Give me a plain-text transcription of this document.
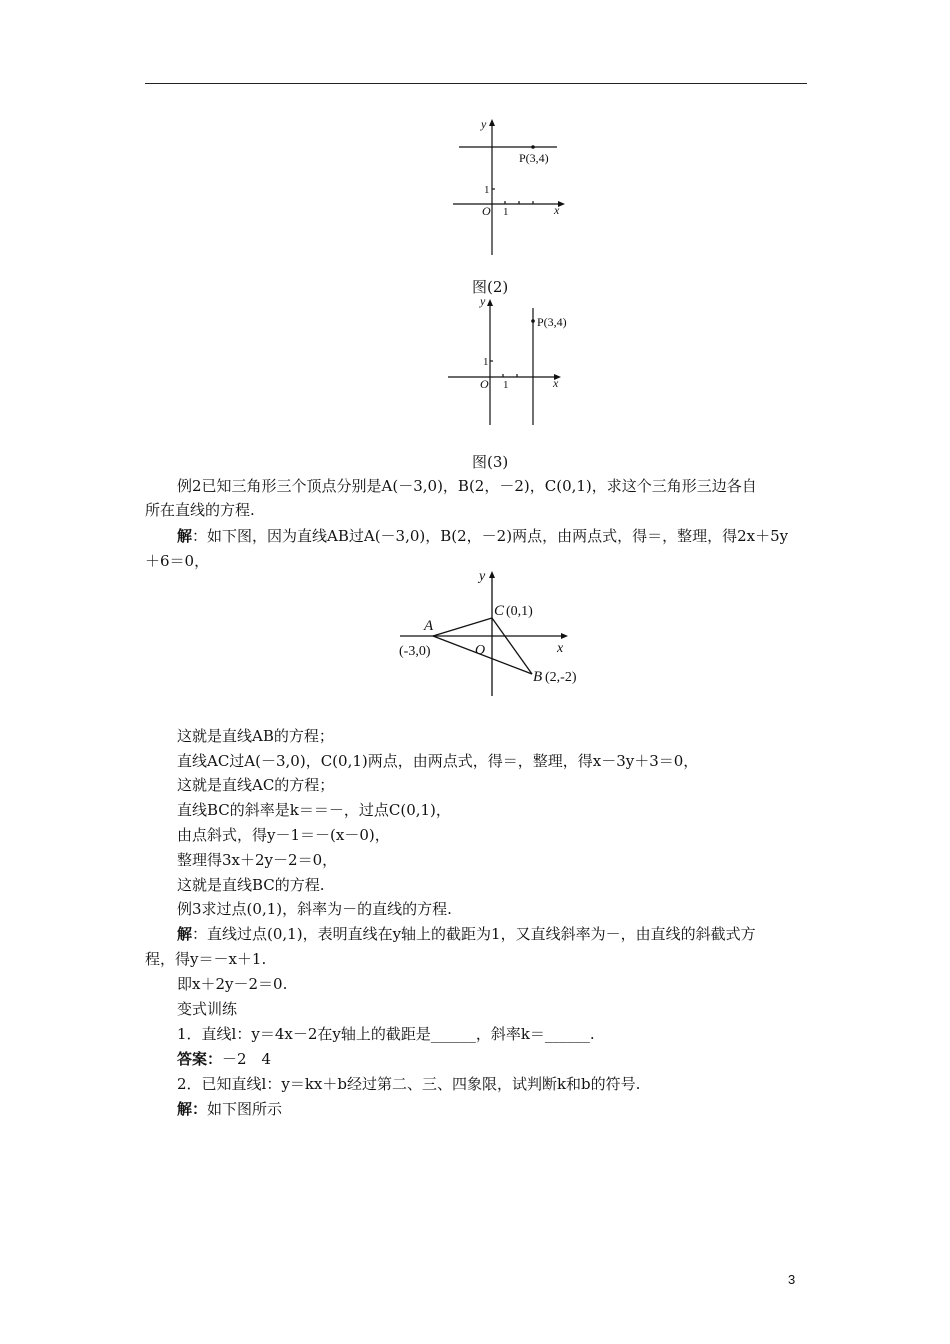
y
x
O 1
1
P(3,4)
图(2)
y
x
O 1
1
P(3,4)
图(3)
例2已知三角形三个顶点分别是A(－3,0)，B(2，－2)，C(0,1)，求这个三角形三边各自
所在直线的方程.
解：如下图，因为直线AB过A(－3,0)，B(2，－2)两点，由两点式，得＝，整理，得2x＋5y
＋6＝0，
y
x
O
A
(-3,0)
C (0,1)
B (2,-2)
这就是直线AB的方程；
直线AC过A(－3,0)，C(0,1)两点，由两点式，得＝，整理，得x－3y＋3＝0，
这就是直线AC的方程；
直线BC的斜率是k＝＝－，过点C(0,1)，
由点斜式，得y－1＝－(x－0)，
整理得3x＋2y－2＝0，
这就是直线BC的方程.
例3求过点(0,1)，斜率为－的直线的方程.
解：直线过点(0,1)，表明直线在y轴上的截距为1，又直线斜率为－，由直线的斜截式方
程，得y＝－x＋1.
即x＋2y－2＝0.
变式训练
1．直线l：y＝4x－2在y轴上的截距是______，斜率k＝______.
答案：－2　4
2．已知直线l：y＝kx＋b经过第二、三、四象限，试判断k和b的符号.
解：如下图所示
3
